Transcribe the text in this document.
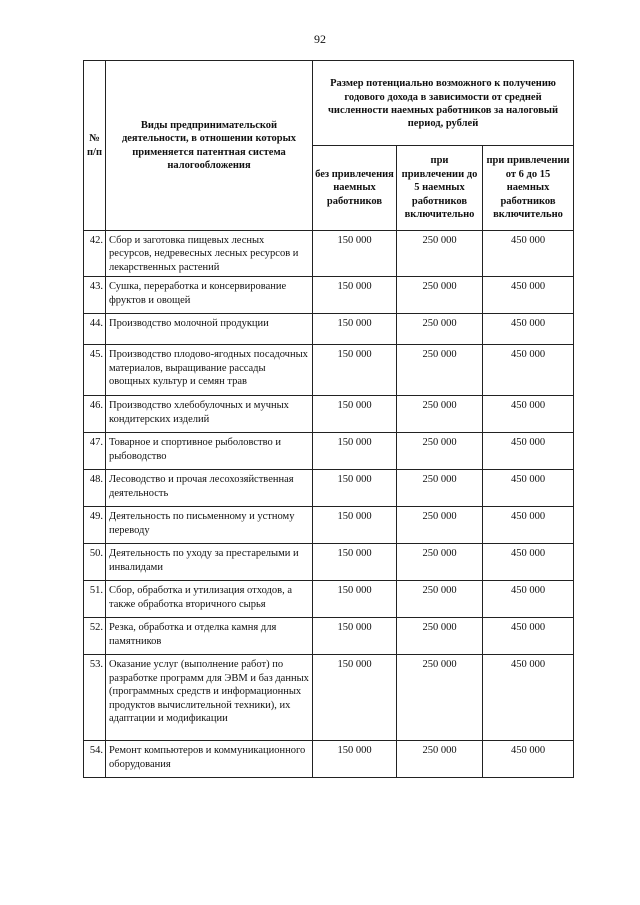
92
№ п/п	Виды предпринимательской деятельности, в отношении которых применяется патентная система налогообложения	Размер потенциально возможного к получению годового дохода в зависимости от средней численности наемных работников за налоговый период, рублей		
		без привлечения наемных работников	при привлечении до 5 наемных работников включительно	при привлечении от 6 до 15 наемных работников включительно
42.	Сбор и заготовка пищевых лесных ресурсов, недревесных лесных ресурсов и лекарственных растений	150 000	250 000	450 000
43.	Сушка, переработка и консервирование фруктов и овощей	150 000	250 000	450 000
44.	Производство молочной продукции	150 000	250 000	450 000
45.	Производство плодово-ягодных посадочных материалов, выращивание рассады овощных культур и семян трав	150 000	250 000	450 000
46.	Производство хлебобулочных и мучных кондитерских изделий	150 000	250 000	450 000
47.	Товарное и спортивное рыболовство и рыбоводство	150 000	250 000	450 000
48.	Лесоводство и прочая лесохозяйственная деятельность	150 000	250 000	450 000
49.	Деятельность по письменному и устному переводу	150 000	250 000	450 000
50.	Деятельность по уходу за престарелыми и инвалидами	150 000	250 000	450 000
51.	Сбор, обработка и утилизация отходов, а также обработка вторичного сырья	150 000	250 000	450 000
52.	Резка, обработка и отделка камня для памятников	150 000	250 000	450 000
53.	Оказание услуг (выполнение работ) по разработке программ для ЭВМ и баз данных (программных средств и информационных продуктов вычислительной техники), их адаптации и модификации	150 000	250 000	450 000
54.	Ремонт компьютеров и коммуникационного оборудования	150 000	250 000	450 000
